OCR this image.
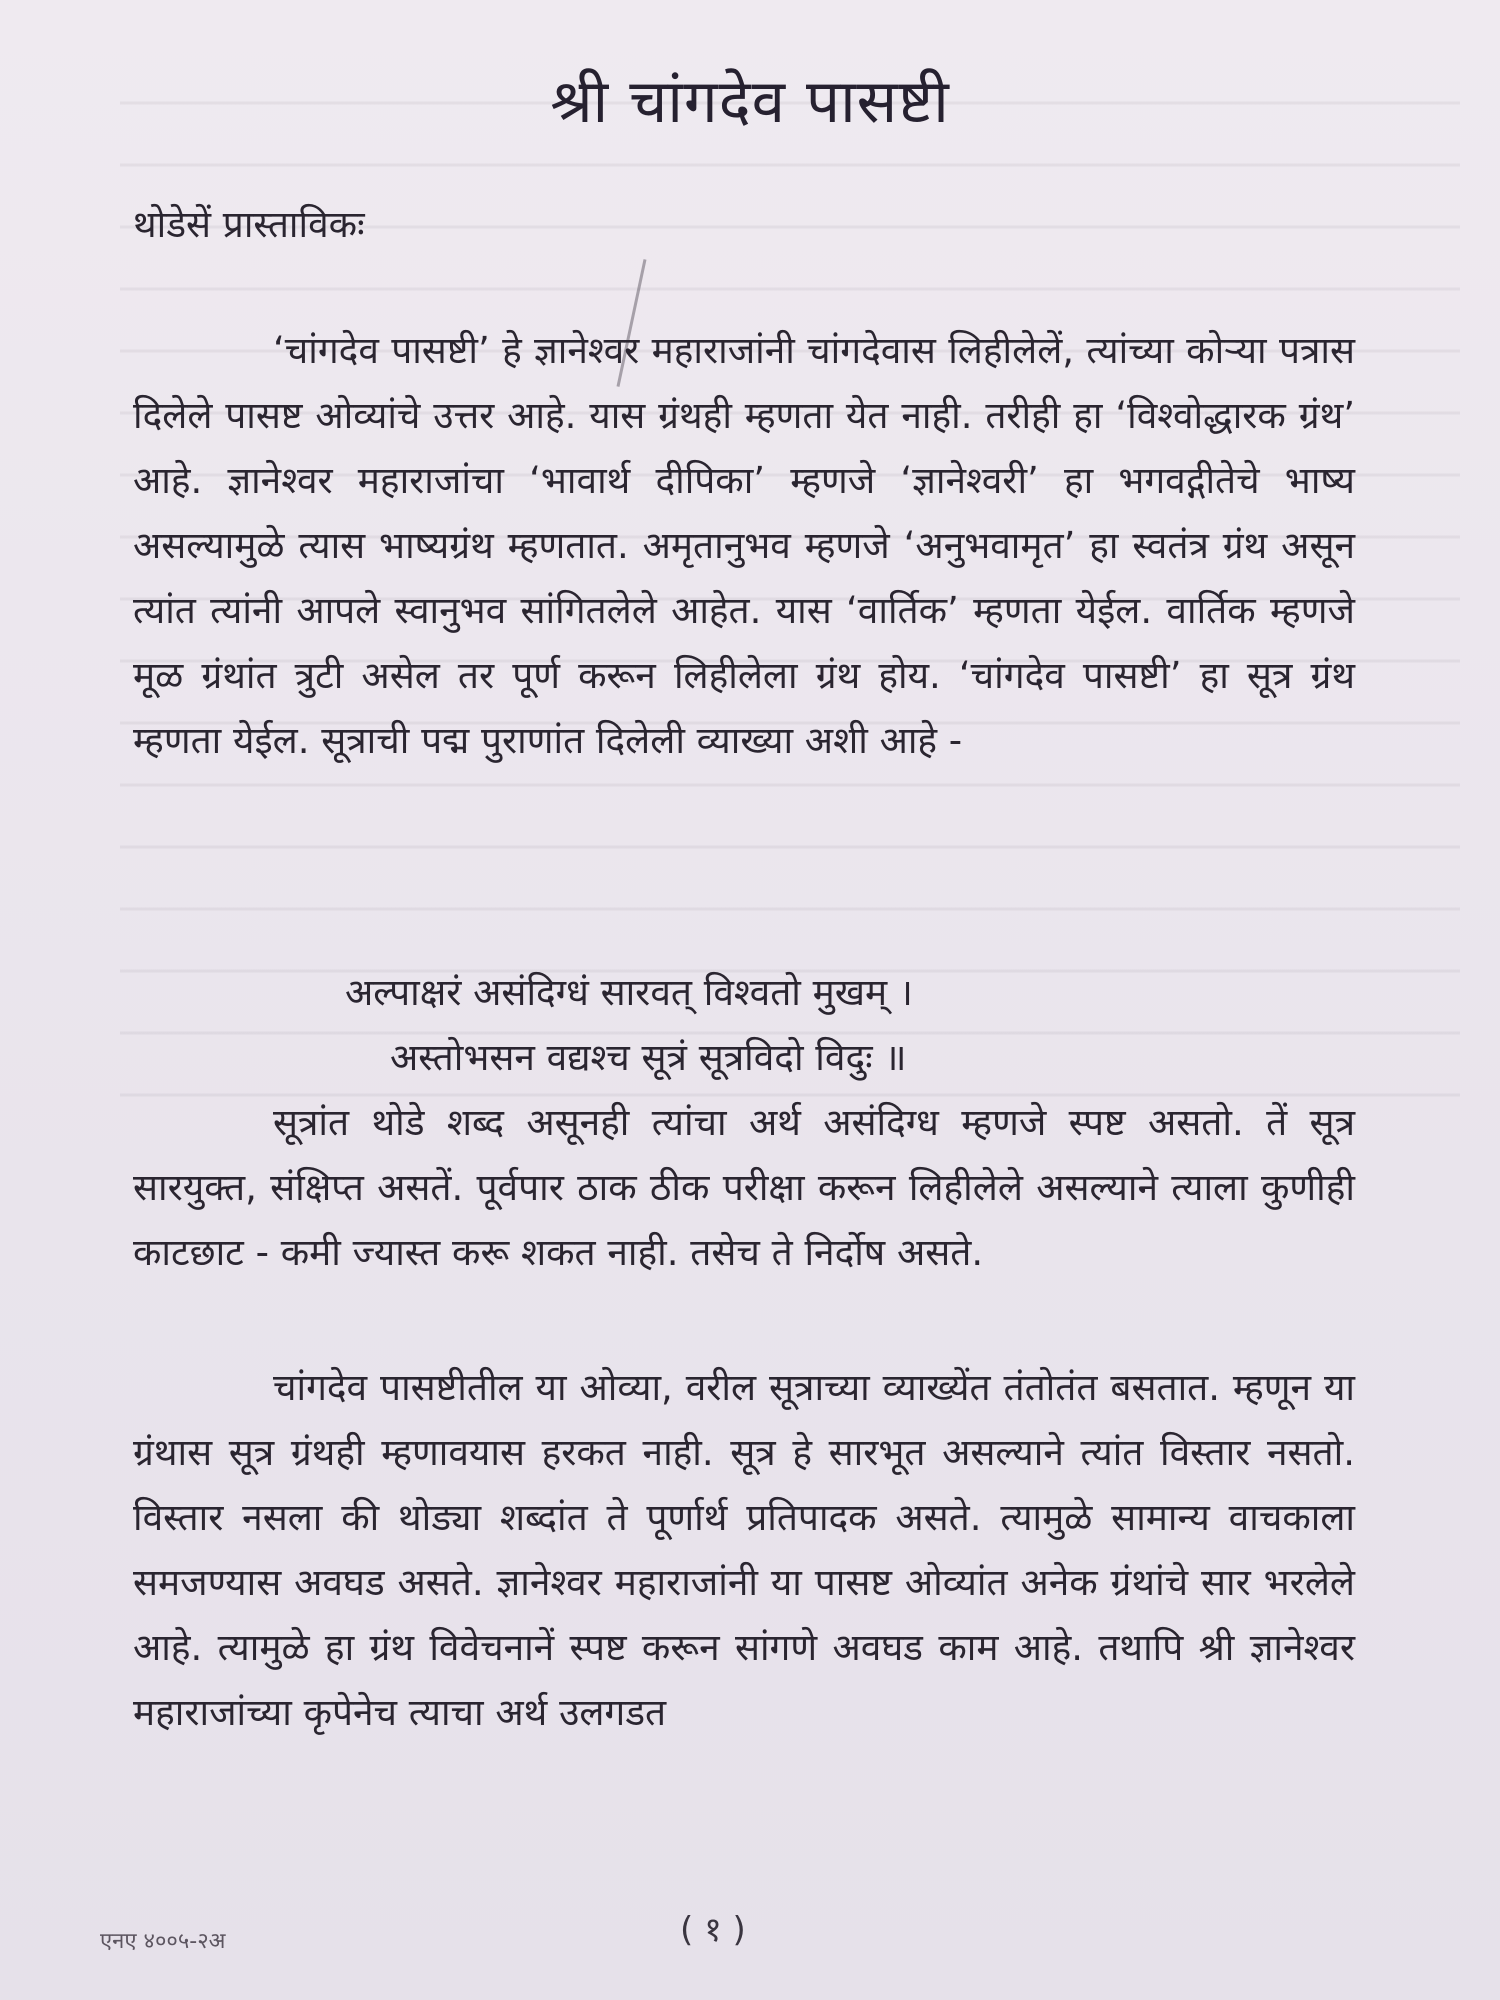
श्री चांगदेव पासष्टी
थोडेसें प्रास्ताविकः

‘चांगदेव पासष्टी’ हे ज्ञानेश्वर महाराजांनी चांगदेवास लिहीलेलें, त्यांच्या कोऱ्या पत्रास दिलेले पासष्ट ओव्यांचे उत्तर आहे. यास ग्रंथही म्हणता येत नाही. तरीही हा ‘विश्वोद्धारक ग्रंथ’ आहे. ज्ञानेश्वर महाराजांचा ‘भावार्थ दीपिका’ म्हणजे ‘ज्ञानेश्वरी’ हा भगवद्गीतेचे भाष्य असल्यामुळे त्यास भाष्यग्रंथ म्हणतात. अमृतानुभव म्हणजे ‘अनुभवामृत’ हा स्वतंत्र ग्रंथ असून त्यांत त्यांनी आपले स्वानुभव सांगितलेले आहेत. यास ‘वार्तिक’ म्हणता येईल. वार्तिक म्हणजे मूळ ग्रंथांत त्रुटी असेल तर पूर्ण करून लिहीलेला ग्रंथ होय. ‘चांगदेव पासष्टी’ हा सूत्र ग्रंथ म्हणता येईल. सूत्राची पद्म पुराणांत दिलेली व्याख्या अशी आहे -

अल्पाक्षरं असंदिग्धं सारवत् विश्वतो मुखम् ।
अस्तोभसन वद्यश्च सूत्रं सूत्रविदो विदुः ॥

सूत्रांत थोडे शब्द असूनही त्यांचा अर्थ असंदिग्ध म्हणजे स्पष्ट असतो. तें सूत्र सारयुक्त, संक्षिप्त असतें. पूर्वपार ठाक ठीक परीक्षा करून लिहीलेले असल्याने त्याला कुणीही काटछाट - कमी ज्यास्त करू शकत नाही. तसेच ते निर्दोष असते.

चांगदेव पासष्टीतील या ओव्या, वरील सूत्राच्या व्याख्येंत तंतोतंत बसतात. म्हणून या ग्रंथास सूत्र ग्रंथही म्हणावयास हरकत नाही. सूत्र हे सारभूत असल्याने त्यांत विस्तार नसतो. विस्तार नसला की थोड्या शब्दांत ते पूर्णार्थ प्रतिपादक असते. त्यामुळे सामान्य वाचकाला समजण्यास अवघड असते. ज्ञानेश्वर महाराजांनी या पासष्ट ओव्यांत अनेक ग्रंथांचे सार भरलेले आहे. त्यामुळे हा ग्रंथ विवेचनानें स्पष्ट करून सांगणे अवघड काम आहे. तथापि श्री ज्ञानेश्वर महाराजांच्या कृपेनेच त्याचा अर्थ उलगडत

एनए ४००५-२अ	( १ )
